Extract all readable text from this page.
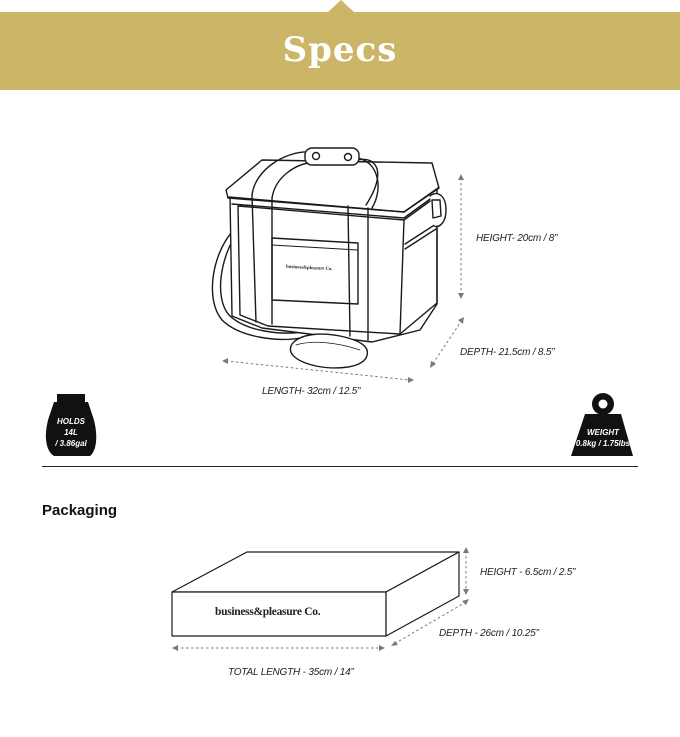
Specs
business&pleasure Co.
HEIGHT- 20cm / 8”
DEPTH- 21.5cm / 8.5”
LENGTH- 32cm / 12.5”
HOLDS
14L
/ 3.86gal
WEIGHT
0.8kg / 1.75lbs
Packaging
business&pleasure Co.
HEIGHT - 6.5cm / 2.5”
DEPTH - 26cm / 10.25”
TOTAL LENGTH - 35cm / 14”
